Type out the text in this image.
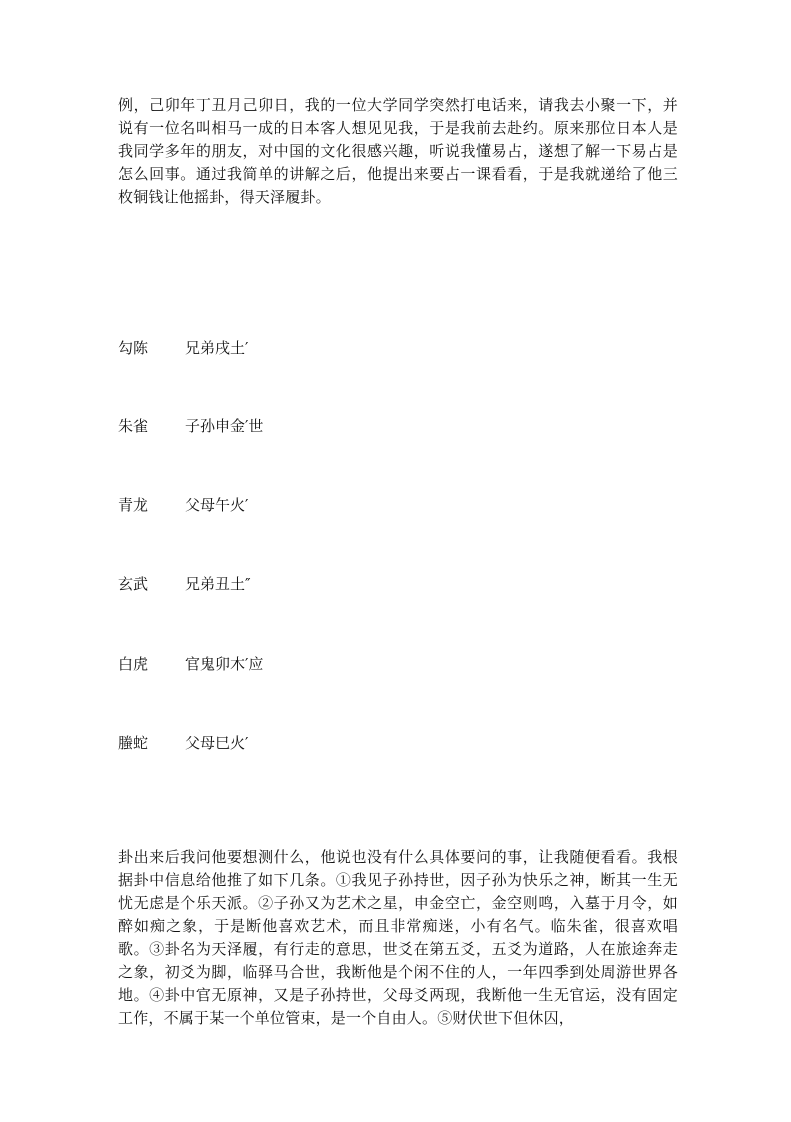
例，己卯年丁丑月己卯日，我的一位大学同学突然打电话来，请我去小聚一下，并说有一位名叫相马一成的日本客人想见见我，于是我前去赴约。原来那位日本人是我同学多年的朋友，对中国的文化很感兴趣，听说我懂易占，遂想了解一下易占是怎么回事。通过我简单的讲解之后，他提出来要占一课看看，于是我就递给了他三枚铜钱让他摇卦，得天泽履卦。

勾陈 兄弟戌土′
朱雀 子孙申金′世
青龙 父母午火′
玄武 兄弟丑土″
白虎 官鬼卯木′应
螣蛇 父母巳火′

卦出来后我问他要想测什么，他说也没有什么具体要问的事，让我随便看看。我根据卦中信息给他推了如下几条。①我见子孙持世，因子孙为快乐之神，断其一生无忧无虑是个乐天派。②子孙又为艺术之星，申金空亡，金空则鸣，入墓于月令，如醉如痴之象，于是断他喜欢艺术，而且非常痴迷，小有名气。临朱雀，很喜欢唱歌。③卦名为天泽履，有行走的意思，世爻在第五爻，五爻为道路，人在旅途奔走之象，初爻为脚，临驿马合世，我断他是个闲不住的人，一年四季到处周游世界各地。④卦中官无原神，又是子孙持世，父母爻两现，我断他一生无官运，没有固定工作，不属于某一个单位管束，是一个自由人。⑤财伏世下但休囚，
